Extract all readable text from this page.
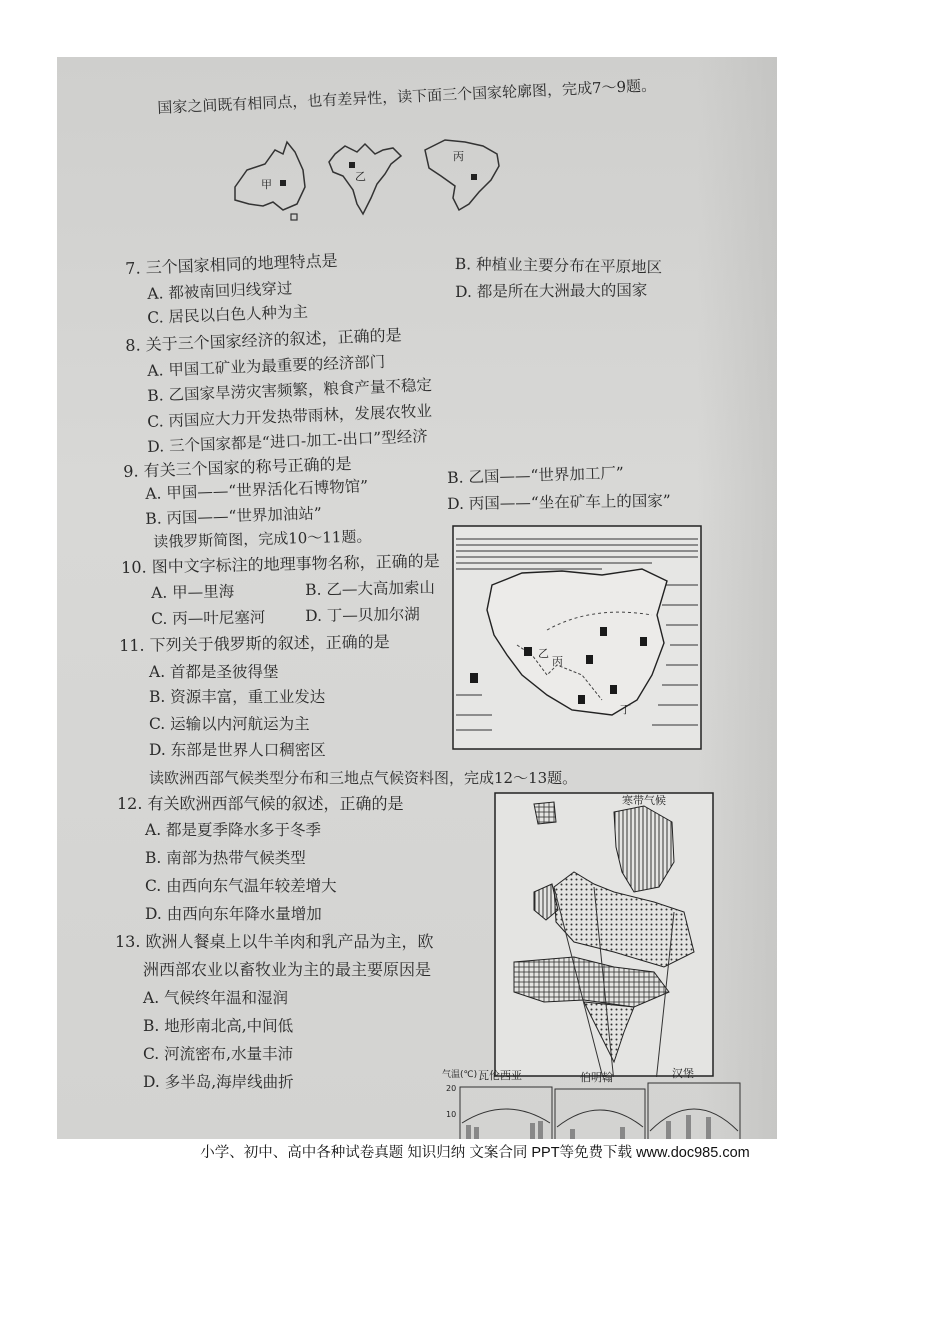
国家之间既有相同点，也有差异性，读下面三个国家轮廓图，完成7～9题。
甲
乙
丙
7. 三个国家相同的地理特点是	B. 种植业主要分布在平原地区
A. 都被南回归线穿过	D. 都是所在大洲最大的国家
C. 居民以白色人种为主
8. 关于三个国家经济的叙述，正确的是
A. 甲国工矿业为最重要的经济部门
B. 乙国家旱涝灾害频繁，粮食产量不稳定
C. 丙国应大力开发热带雨林，发展农牧业
D. 三个国家都是“进口-加工-出口”型经济
9. 有关三个国家的称号正确的是	B. 乙国——“世界加工厂”
A. 甲国——“世界活化石博物馆”	D. 丙国——“坐在矿车上的国家”
B. 丙国——“世界加油站”
读俄罗斯简图，完成10～11题。
乙
丙
丁
10. 图中文字标注的地理事物名称，正确的是
A. 甲—里海	B. 乙—大高加索山
C. 丙—叶尼塞河	D. 丁—贝加尔湖
11. 下列关于俄罗斯的叙述，正确的是
A. 首都是圣彼得堡
B. 资源丰富，重工业发达
C. 运输以内河航运为主
D. 东部是世界人口稠密区
读欧洲西部气候类型分布和三地点气候资料图，完成12～13题。
寒带气候
12. 有关欧洲西部气候的叙述，正确的是
A. 都是夏季降水多于冬季
B. 南部为热带气候类型
C. 由西向东气温年较差增大
D. 由西向东年降水量增加
13. 欧洲人餐桌上以牛羊肉和乳产品为主，欧
洲西部农业以畜牧业为主的最主要原因是
A. 气候终年温和湿润
B. 地形南北高,中间低
C. 河流密布,水量丰沛
D. 多半岛,海岸线曲折	气温(℃) 瓦伦西亚	伯明翰	汉堡
20
10
小学、初中、高中各种试卷真题 知识归纳 文案合同 PPT等免费下载 www.doc985.com
